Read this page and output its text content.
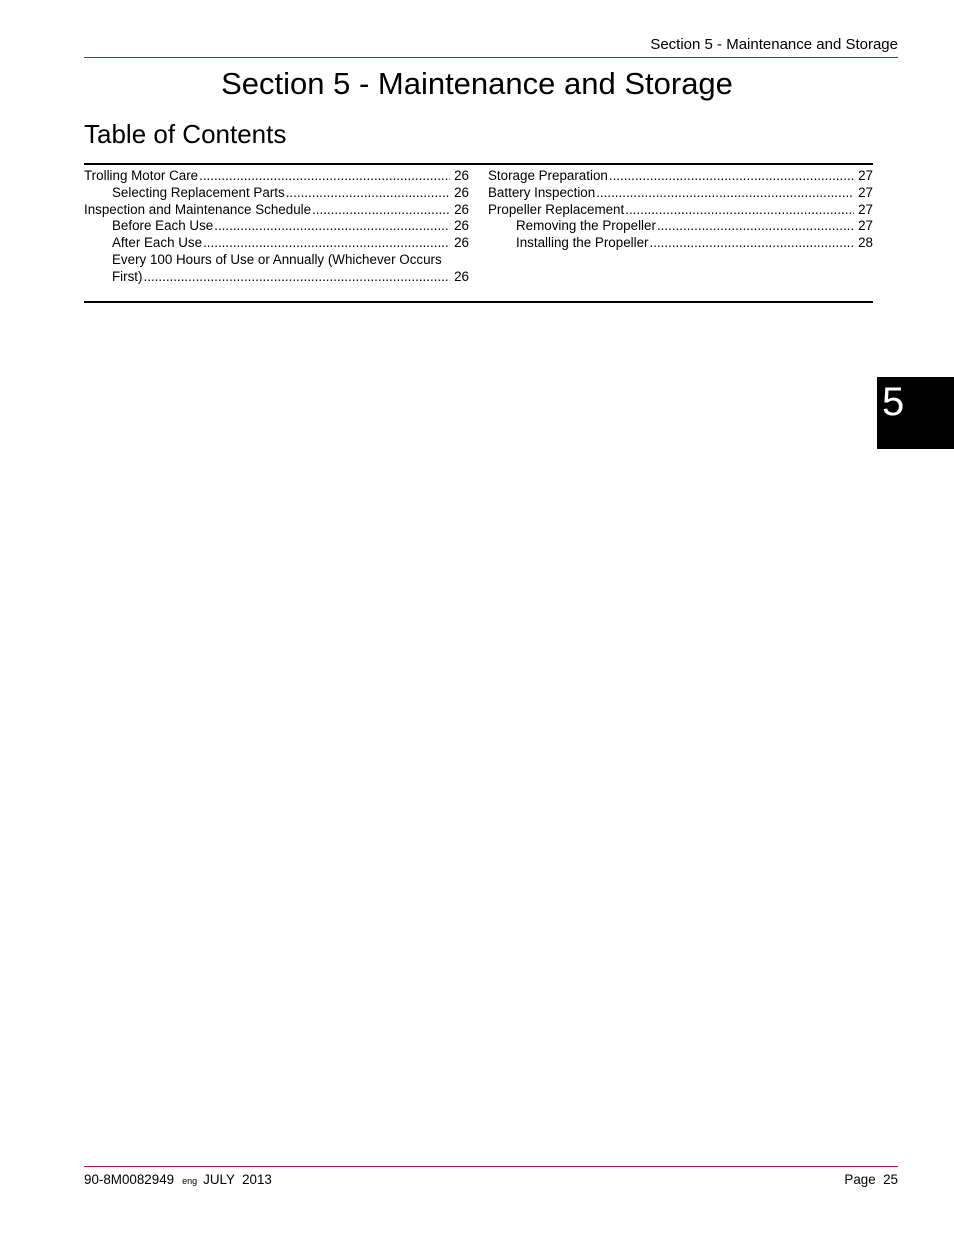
Section 5 - Maintenance and Storage
Section 5 - Maintenance and Storage
Table of Contents
Trolling Motor Care .....	26
Selecting Replacement Parts .....	26
Inspection and Maintenance Schedule .....	26
Before Each Use .....	26
After Each Use .....	26
Every 100 Hours of Use or Annually (Whichever Occurs
First) .....	26
Storage Preparation .....	27
Battery Inspection .....	27
Propeller Replacement .....	27
Removing the Propeller .....	27
Installing the Propeller .....	28
5
90-8M0082949 eng JULY  2013	Page  25
